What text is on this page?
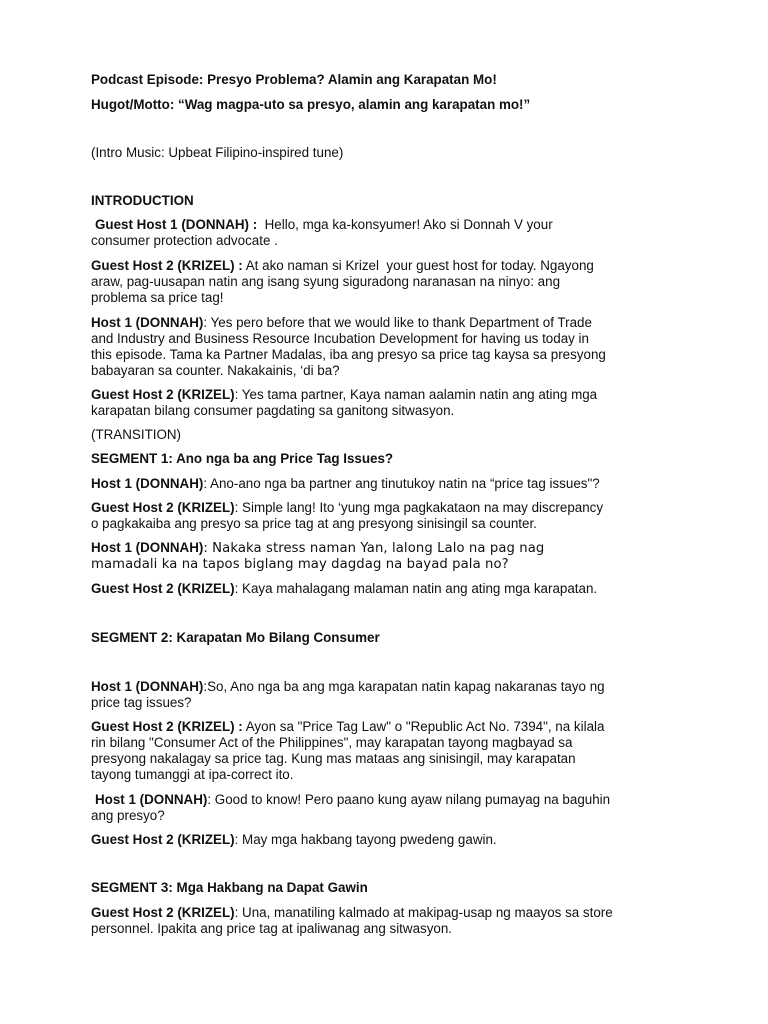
Podcast Episode: Presyo Problema? Alamin ang Karapatan Mo!

Hugot/Motto: “Wag magpa-uto sa presyo, alamin ang karapatan mo!”

(Intro Music: Upbeat Filipino-inspired tune)

INTRODUCTION

Guest Host 1 (DONNAH) :  Hello, mga ka-konsyumer! Ako si Donnah V your
consumer protection advocate .

Guest Host 2 (KRIZEL) : At ako naman si Krizel  your guest host for today. Ngayong
araw, pag-uusapan natin ang isang syung siguradong naranasan na ninyo: ang
problema sa price tag!

Host 1 (DONNAH): Yes pero before that we would like to thank Department of Trade
and Industry and Business Resource Incubation Development for having us today in
this episode. Tama ka Partner Madalas, iba ang presyo sa price tag kaysa sa presyong
babayaran sa counter. Nakakainis, ‘di ba?

Guest Host 2 (KRIZEL): Yes tama partner, Kaya naman aalamin natin ang ating mga
karapatan bilang consumer pagdating sa ganitong sitwasyon.

(TRANSITION)

SEGMENT 1: Ano nga ba ang Price Tag Issues?

Host 1 (DONNAH): Ano-ano nga ba partner ang tinutukoy natin na “price tag issues"?

Guest Host 2 (KRIZEL): Simple lang! Ito ‘yung mga pagkakataon na may discrepancy
o pagkakaiba ang presyo sa price tag at ang presyong sinisingil sa counter.

Host 1 (DONNAH): Nakaka stress naman Yan, lalong Lalo na pag nag

mamadali ka na tapos biglang may dagdag na bayad pala no?

Guest Host 2 (KRIZEL): Kaya mahalagang malaman natin ang ating mga karapatan.

SEGMENT 2: Karapatan Mo Bilang Consumer

Host 1 (DONNAH):So, Ano nga ba ang mga karapatan natin kapag nakaranas tayo ng
price tag issues?

Guest Host 2 (KRIZEL) : Ayon sa "Price Tag Law" o "Republic Act No. 7394", na kilala
rin bilang "Consumer Act of the Philippines", may karapatan tayong magbayad sa
presyong nakalagay sa price tag. Kung mas mataas ang sinisingil, may karapatan
tayong tumanggi at ipa-correct ito.

Host 1 (DONNAH): Good to know! Pero paano kung ayaw nilang pumayag na baguhin
ang presyo?

Guest Host 2 (KRIZEL): May mga hakbang tayong pwedeng gawin.

SEGMENT 3: Mga Hakbang na Dapat Gawin

Guest Host 2 (KRIZEL): Una, manatiling kalmado at makipag-usap ng maayos sa store
personnel. Ipakita ang price tag at ipaliwanag ang sitwasyon.
